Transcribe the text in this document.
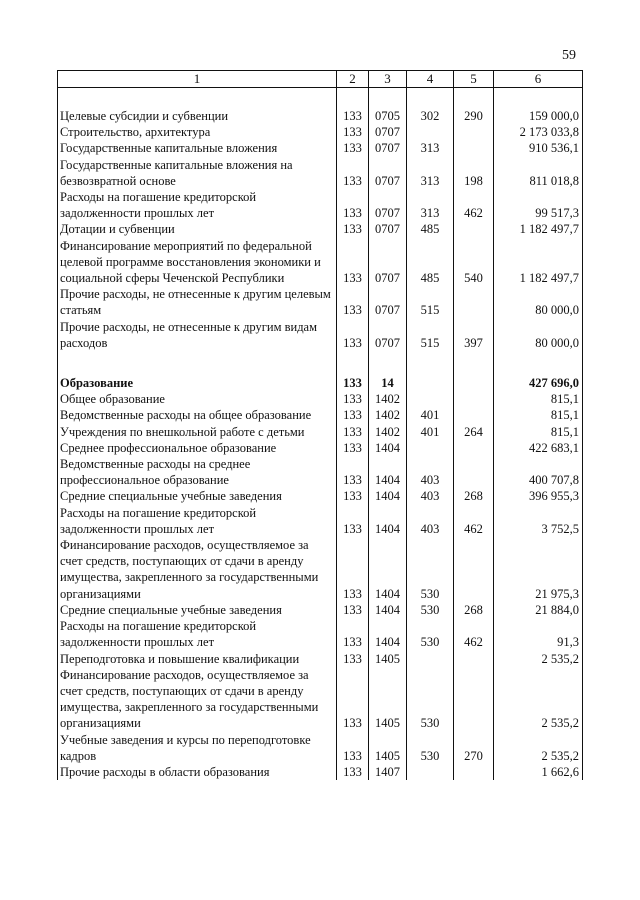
59
1	2	3	4	5	6

Целевые субсидии и субвенции	133	0705	302	290	159 000,0
Строительство, архитектура	133	0707			2 173 033,8
Государственные капитальные вложения	133	0707	313		910 536,1
Государственные капитальные вложения на безвозвратной основе	133	0707	313	198	811 018,8
Расходы на погашение кредиторской задолженности прошлых лет	133	0707	313	462	99 517,3
Дотации и субвенции	133	0707	485		1 182 497,7
Финансирование мероприятий по федеральной целевой программе восстановления экономики и социальной сферы Чеченской Республики	133	0707	485	540	1 182 497,7
Прочие расходы, не отнесенные к другим целевым статьям	133	0707	515		80 000,0
Прочие расходы, не отнесенные к другим видам расходов	133	0707	515	397	80 000,0

Образование	133	14			427 696,0
Общее образование	133	1402			815,1
Ведомственные расходы на общее образование	133	1402	401		815,1
Учреждения по внешкольной работе с детьми	133	1402	401	264	815,1
Среднее профессиональное образование	133	1404			422 683,1
Ведомственные расходы на среднее профессиональное образование	133	1404	403		400 707,8
Средние специальные учебные заведения	133	1404	403	268	396 955,3
Расходы на погашение кредиторской задолженности прошлых лет	133	1404	403	462	3 752,5
Финансирование расходов, осуществляемое за счет средств, поступающих от сдачи в аренду имущества, закрепленного за государственными организациями	133	1404	530		21 975,3
Средние специальные учебные заведения	133	1404	530	268	21 884,0
Расходы на погашение кредиторской задолженности прошлых лет	133	1404	530	462	91,3
Переподготовка и повышение квалификации	133	1405			2 535,2
Финансирование расходов, осуществляемое за счет средств, поступающих от сдачи в аренду имущества, закрепленного за государственными организациями	133	1405	530		2 535,2
Учебные заведения и курсы по переподготовке кадров	133	1405	530	270	2 535,2
Прочие расходы в области образования	133	1407			1 662,6
